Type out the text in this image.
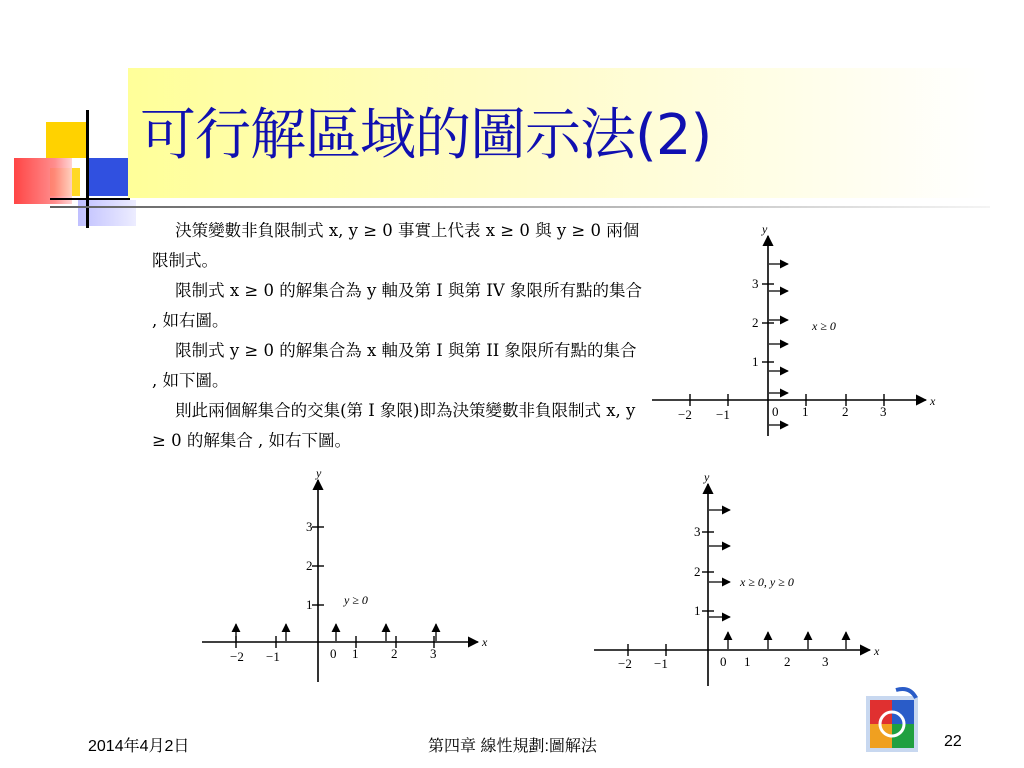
可行解區域的圖示法(2)

決策變數非負限制式 x, y ≥ 0 事實上代表 x ≥ 0 與 y ≥ 0 兩個限制式。

限制式 x ≥ 0 的解集合為 y 軸及第 I 與第 IV 象限所有點的集合 , 如右圖。

限制式 y ≥ 0 的解集合為 x 軸及第 I 與第 II 象限所有點的集合 , 如下圖。

則此兩個解集合的交集(第 I 象限)即為決策變數非負限制式 x, y ≥ 0 的解集合 , 如右下圖。

y
x
−2 −1	0 1	2 3
1
2
3
x ≥ 0
y
x
−2 −1	0 1	2	3
1
2
3
y ≥ 0
y
x
−2 −1	0 1	2 3
1
2
3
x ≥ 0, y ≥ 0
2014年4月2日	第四章 線性規劃:圖解法	22
